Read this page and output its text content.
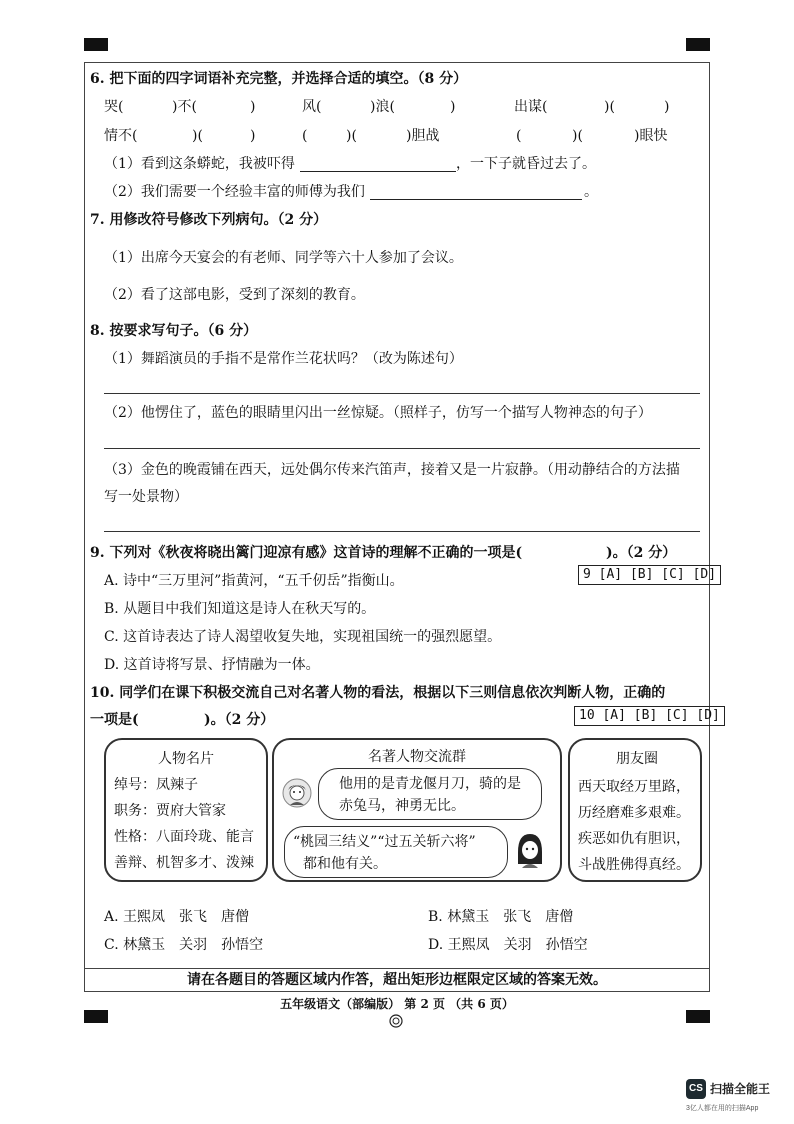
6. 把下面的四字词语补充完整，并选择合适的填空。（8 分）
哭(	)不(	)	风(	)浪(	)	出谋(	)(	)
情不(	)(	)	(	)(	)胆战	(	)(	)眼快
（1）看到这条蟒蛇，我被吓得	，一下子就昏过去了。
（2）我们需要一个经验丰富的师傅为我们	。
7. 用修改符号修改下列病句。（2 分）
（1）出席今天宴会的有老师、同学等六十人参加了会议。
（2）看了这部电影，受到了深刻的教育。
8. 按要求写句子。（6 分）
（1）舞蹈演员的手指不是常作兰花状吗？（改为陈述句）
（2）他愣住了，蓝色的眼睛里闪出一丝惊疑。（照样子，仿写一个描写人物神态的句子）
（3）金色的晚霞铺在西天，远处偶尔传来汽笛声，接着又是一片寂静。（用动静结合的方法描
写一处景物）
9. 下列对《秋夜将晓出篱门迎凉有感》这首诗的理解不正确的一项是(	)。（2 分）
9 [A] [B] [C] [D]
A. 诗中“三万里河”指黄河，“五千仞岳”指衡山。
B. 从题目中我们知道这是诗人在秋天写的。
C. 这首诗表达了诗人渴望收复失地，实现祖国统一的强烈愿望。
D. 这首诗将写景、抒情融为一体。
10. 同学们在课下积极交流自己对名著人物的看法，根据以下三则信息依次判断人物，正确的
一项是(	)。（2 分）	10 [A] [B] [C] [D]
人物名片
绰号：凤辣子
职务：贾府大管家
性格：八面玲珑、能言
善辩、机智多才、泼辣
名著人物交流群
他用的是青龙偃月刀，骑的是
赤兔马，神勇无比。
“桃园三结义”“过五关斩六将”
都和他有关。
朋友圈
西天取经万里路，
历经磨难多艰难。
疾恶如仇有胆识，
斗战胜佛得真经。
A. 王熙凤　张飞　唐僧	B. 林黛玉　张飞　唐僧
C. 林黛玉　关羽　孙悟空	D. 王熙凤　关羽　孙悟空
请在各题目的答题区域内作答，超出矩形边框限定区域的答案无效。
五年级语文（部编版） 第 2 页 （共 6 页）
CS 扫描全能王
3亿人都在用的扫描App
